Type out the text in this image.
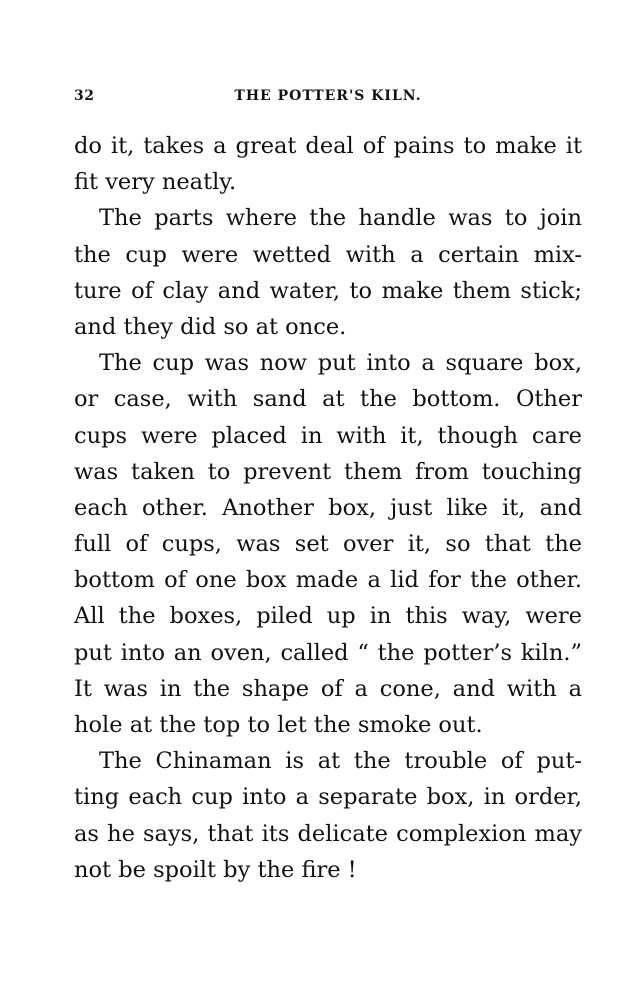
32	THE POTTER'S KILN.
do it, takes a great deal of pains to make it
fit very neatly.
The parts where the handle was to join
the cup were wetted with a certain mix-
ture of clay and water, to make them stick;
and they did so at once.
The cup was now put into a square box,
or case, with sand at the bottom. Other
cups were placed in with it, though care
was taken to prevent them from touching
each other. Another box, just like it, and
full of cups, was set over it, so that the
bottom of one box made a lid for the other.
All the boxes, piled up in this way, were
put into an oven, called “ the potter’s kiln.”
It was in the shape of a cone, and with a
hole at the top to let the smoke out.
The Chinaman is at the trouble of put-
ting each cup into a separate box, in order,
as he says, that its delicate complexion may
not be spoilt by the fire !
